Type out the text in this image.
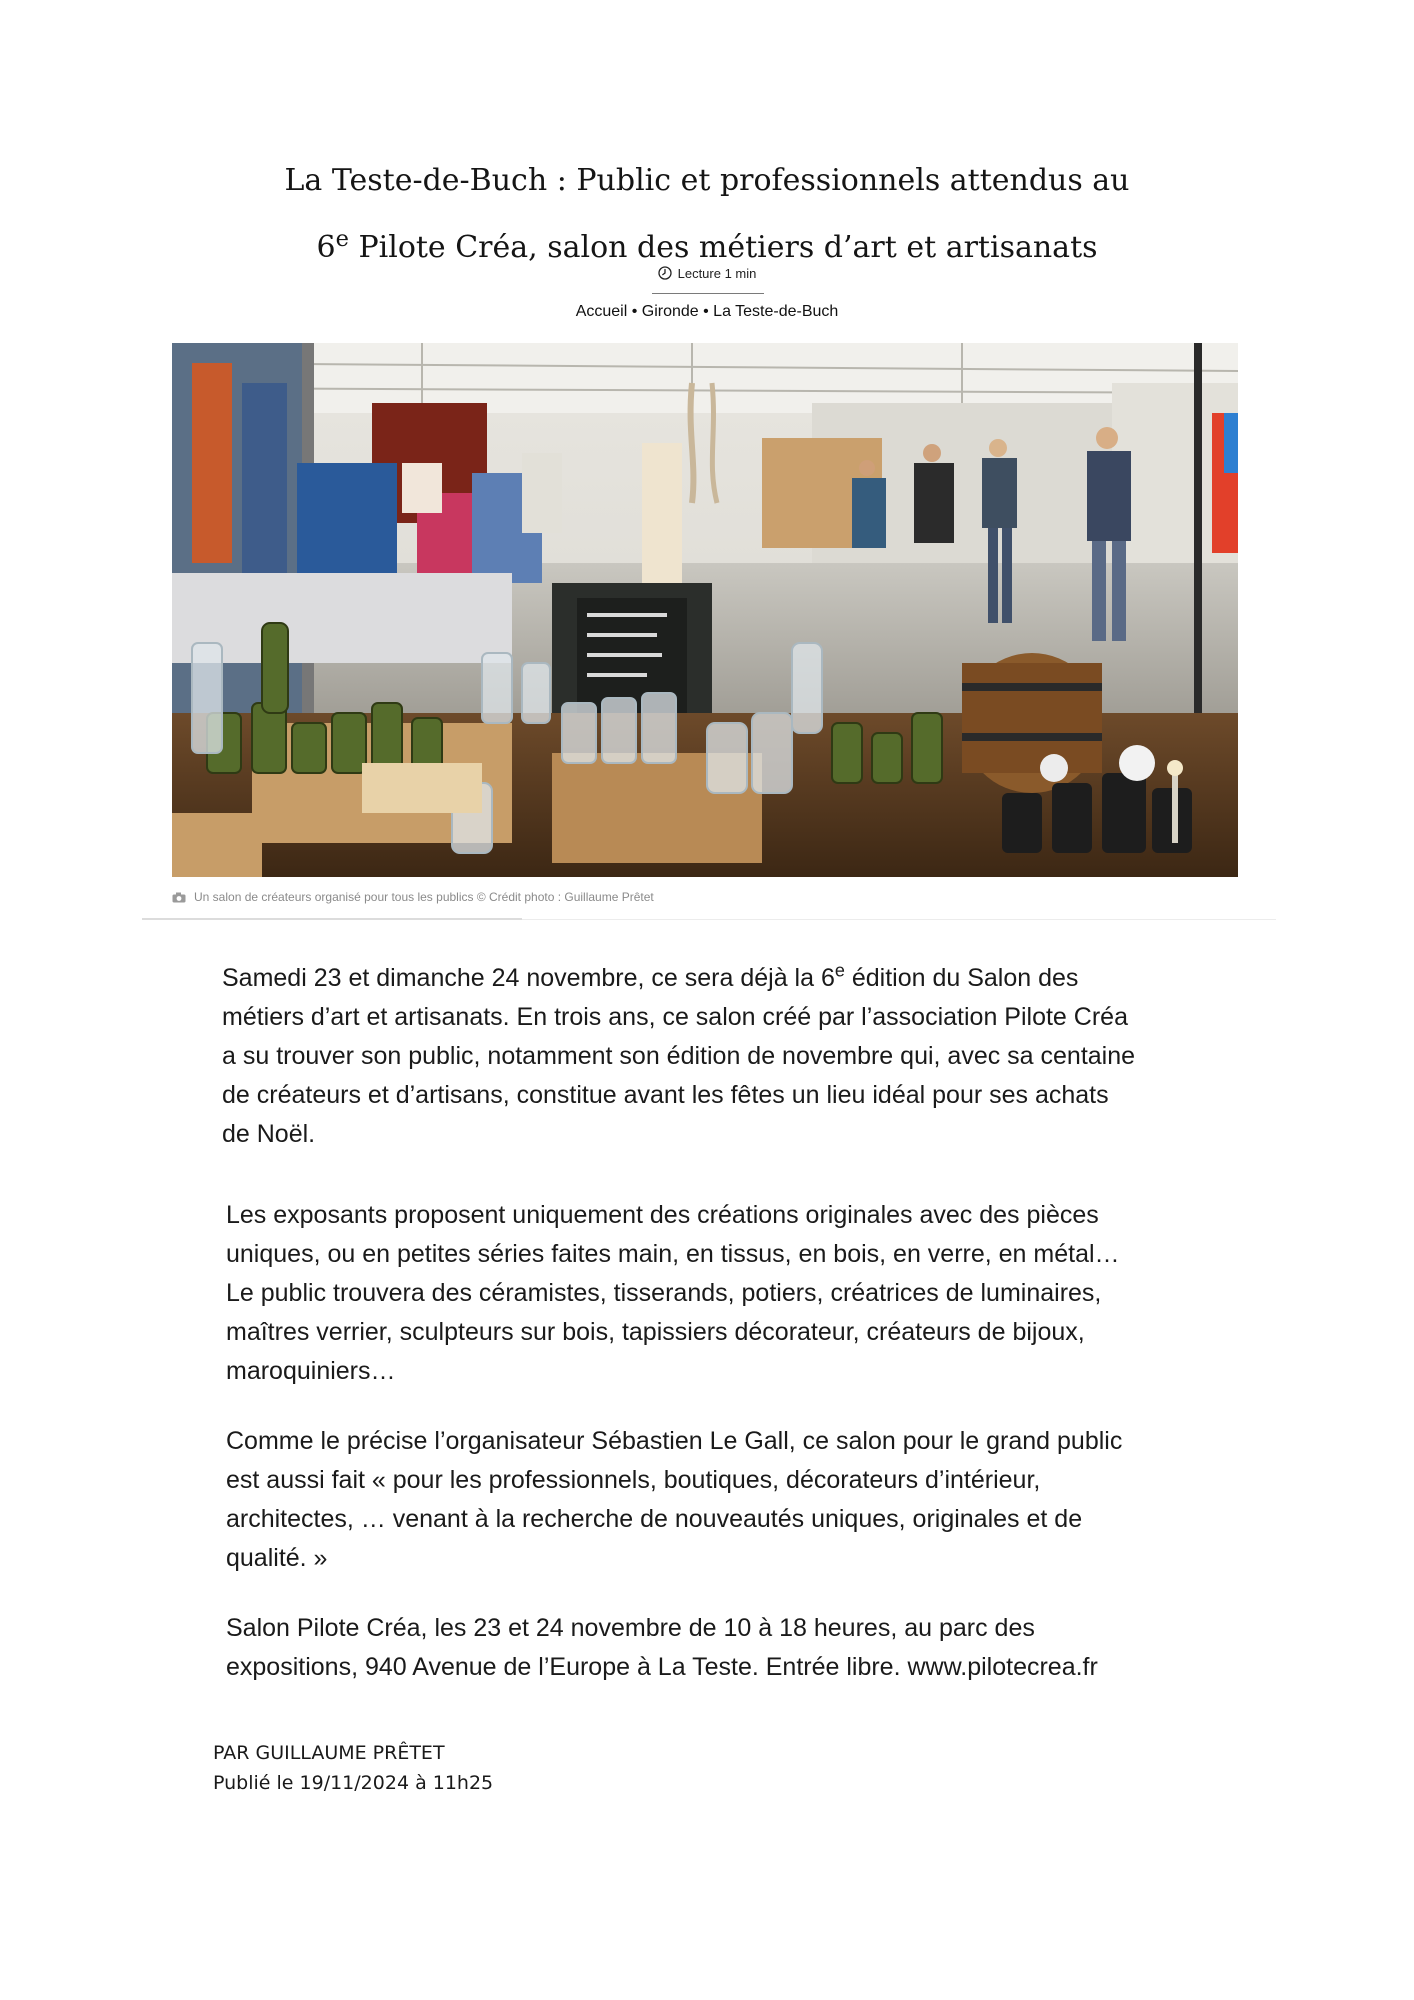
La Teste-de-Buch : Public et professionnels attendus au
6e Pilote Créa, salon des métiers d’art et artisanats
Lecture 1 min
Accueil • Gironde • La Teste-de-Buch
Un salon de créateurs organisé pour tous les publics © Crédit photo : Guillaume Prêtet
Samedi 23 et dimanche 24 novembre, ce sera déjà la 6e édition du Salon des
métiers d’art et artisanats. En trois ans, ce salon créé par l’association Pilote Créa
a su trouver son public, notamment son édition de novembre qui, avec sa centaine
de créateurs et d’artisans, constitue avant les fêtes un lieu idéal pour ses achats
de Noël.
Les exposants proposent uniquement des créations originales avec des pièces
uniques, ou en petites séries faites main, en tissus, en bois, en verre, en métal…
Le public trouvera des céramistes, tisserands, potiers, créatrices de luminaires,
maîtres verrier, sculpteurs sur bois, tapissiers décorateur, créateurs de bijoux,
maroquiniers…
Comme le précise l’organisateur Sébastien Le Gall, ce salon pour le grand public
est aussi fait « pour les professionnels, boutiques, décorateurs d’intérieur,
architectes, … venant à la recherche de nouveautés uniques, originales et de
qualité. »
Salon Pilote Créa, les 23 et 24 novembre de 10 à 18 heures, au parc des
expositions, 940 Avenue de l’Europe à La Teste. Entrée libre. www.pilotecrea.fr
PAR GUILLAUME PRÊTET
Publié le 19/11/2024 à 11h25
